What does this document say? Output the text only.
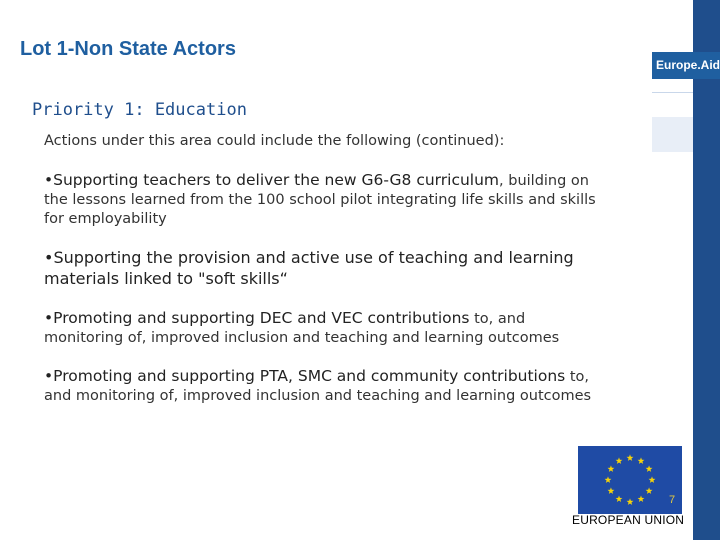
Lot 1-Non State Actors
Europe.Aid
Priority 1: Education
Actions under this area could include the following (continued):

•Supporting teachers to deliver the new G6-G8 curriculum, building on the lessons learned from the 100 school pilot integrating life skills and skills for employability

•Supporting the provision and active use of teaching and learning materials linked to "soft skills“

•Promoting and supporting DEC and VEC contributions to, and monitoring of, improved inclusion and teaching and learning outcomes

•Promoting and supporting PTA, SMC and community contributions to, and monitoring of, improved inclusion and teaching and learning outcomes

7
EUROPEAN UNION
